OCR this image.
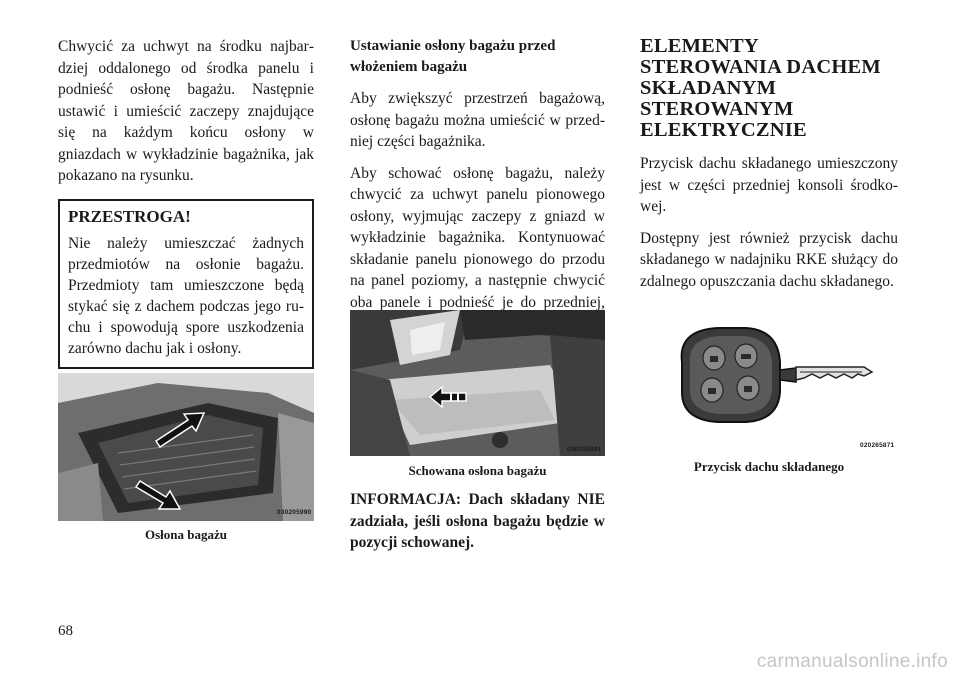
Chwycić za uchwyt na środku najbardziej oddalonego od środka panelu i podnieść osłonę bagażu. Następnie ustawić i umieścić zaczepy znajdujące się na każdym końcu osłony w gniazdach w wykładzinie bagażnika, jak pokazano na rysunku.

PRZESTROGA!

Nie należy umieszczać żadnych przedmiotów na osłonie bagażu. Przedmioty tam umieszczone będą stykać się z dachem podczas jego ruchu i spowodują spore uszkodzenia zarówno dachu jak i osłony.

030205990
Osłona bagażu

Ustawianie osłony bagażu przed włożeniem bagażu

Aby zwiększyć przestrzeń bagażową, osłonę bagażu można umieścić w przedniej części bagażnika.

Aby schować osłonę bagażu, należy chwycić za uchwyt panelu pionowego osłony, wyjmując zaczepy z gniazd w wykładzinie bagażnika. Kontynuować składanie panelu pionowego do przodu na panel poziomy, a następnie chwycić oba panele i podnieść je do przedniej,

030205991
Schowana osłona bagażu
INFORMACJA: Dach składany NIE zadziała, jeśli osłona bagażu będzie w pozycji schowanej.
ELEMENTY
STEROWANIA DACHEM
SKŁADANYM
STEROWANYM
ELEKTRYCZNIE

Przycisk dachu składanego umieszczony jest w części przedniej konsoli środkowej.

Dostępny jest również przycisk dachu składanego w nadajniku RKE służący do zdalnego opuszczania dachu składanego.

020265871
Przycisk dachu składanego
68
carmanualsonline.info
